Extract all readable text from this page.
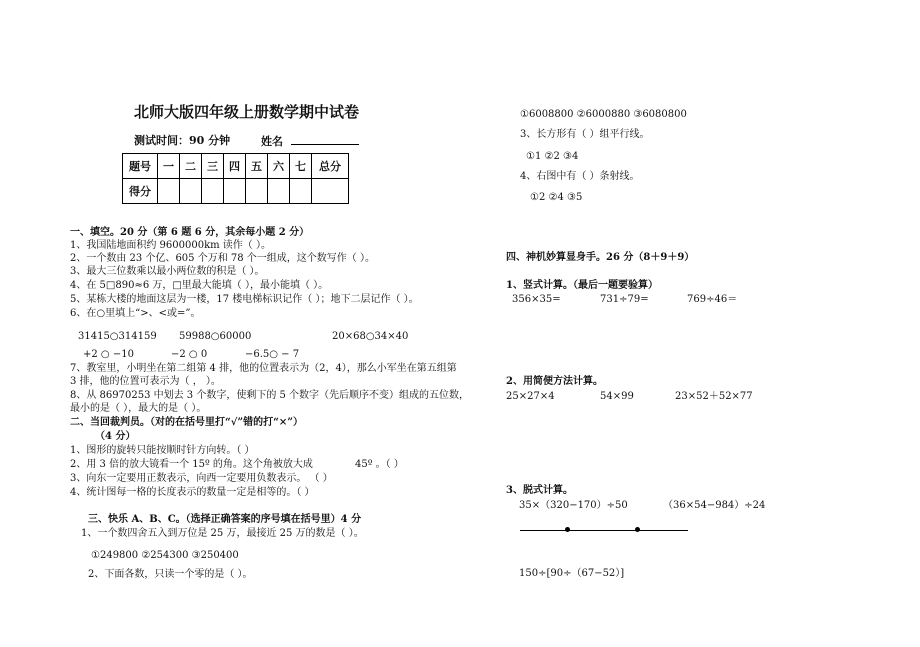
北师大版四年级上册数学期中试卷
测试时间：90 分钟	姓名
题号	一	二	三	四	五	六	七	总分
得分								
一、填空。20 分（第 6 题 6 分，其余每小题 2 分）
1、我国陆地面积约 9600000km 读作（ ）。
2、一个数由 23 个亿、605 个万和 78 个一组成，这个数写作（ ）。
3、最大三位数乘以最小两位数的积是（ ）。
4、在 5□890≈6 万，□里最大能填（ ），最小能填（ ）。
5、某栋大楼的地面这层为一楼，17 楼电梯标识记作（ ）；地下二层记作（ ）。
6、在○里填上“>、<或=”。
31415○314159 59988○60000	20×68○34×40
+2 ○ −10	−2 ○ 0	−6.5○ − 7
7、教室里，小明坐在第二组第 4 排，他的位置表示为（2，4），那么小军坐在第五组第
3 排，他的位置可表示为（ ， ）。
8、从 86970253 中划去 3 个数字，使剩下的 5 个数字（先后顺序不变）组成的五位数，
最小的是（ ），最大的是（ ）。
二、当回裁判员。（对的在括号里打“√”错的打“×”）
（4 分）
1、图形的旋转只能按顺时针方向转。（ ）
2、用 3 倍的放大镜看一个 15º 的角。这个角被放大成	45º 。（ ）
3、向东一定要用正数表示，向西一定要用负数表示。 （ ）
4、统计图每一格的长度表示的数量一定是相等的。（ ）
三、快乐 A、B、C。（选择正确答案的序号填在括号里）4 分
1、一个数四舍五入到万位是 25 万，最接近 25 万的数是（ ）。
①249800 ②254300 ③250400
2、下面各数，只读一个零的是（ ）。
①6008800 ②6000880 ③6080800
3、长方形有（ ）组平行线。
①1 ②2 ③4
4、右图中有（ ）条射线。
①2 ②4 ③5
四、神机妙算显身手。26 分（8＋9＋9）
1、竖式计算。（最后一题要验算）
356×35=	731÷79=	769÷46＝
2、用简便方法计算。
25×27×4	54×99	23×52＋52×77
3、脱式计算。
35×（320−170）÷50	（36×54−984）÷24
150÷[90÷（67−52）]
